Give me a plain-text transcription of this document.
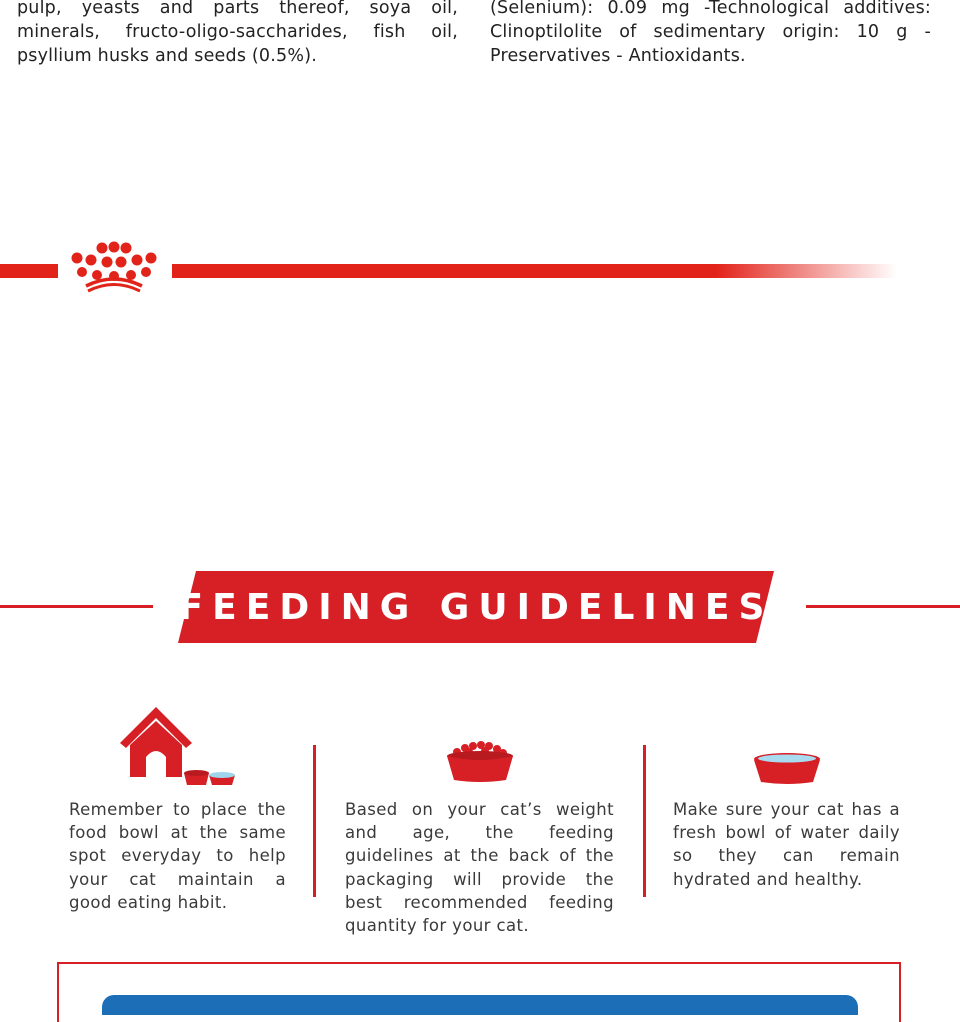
pulp, yeasts and parts thereof, soya oil, minerals, fructo-oligo-saccharides, fish oil, psyllium husks and seeds (0.5%).

(Selenium): 0.09 mg -Technological additives: Clinoptilolite of sedimentary origin: 10 g - Preservatives - Antioxidants.

FEEDING GUIDELINES

Remember to place the food bowl at the same spot everyday to help your cat maintain a good eating habit.

Based on your cat’s weight and age, the feeding guidelines at the back of the packaging will provide the best recommended feeding quantity for your cat.

Make sure your cat has a fresh bowl of water daily so they can remain hydrated and healthy.
